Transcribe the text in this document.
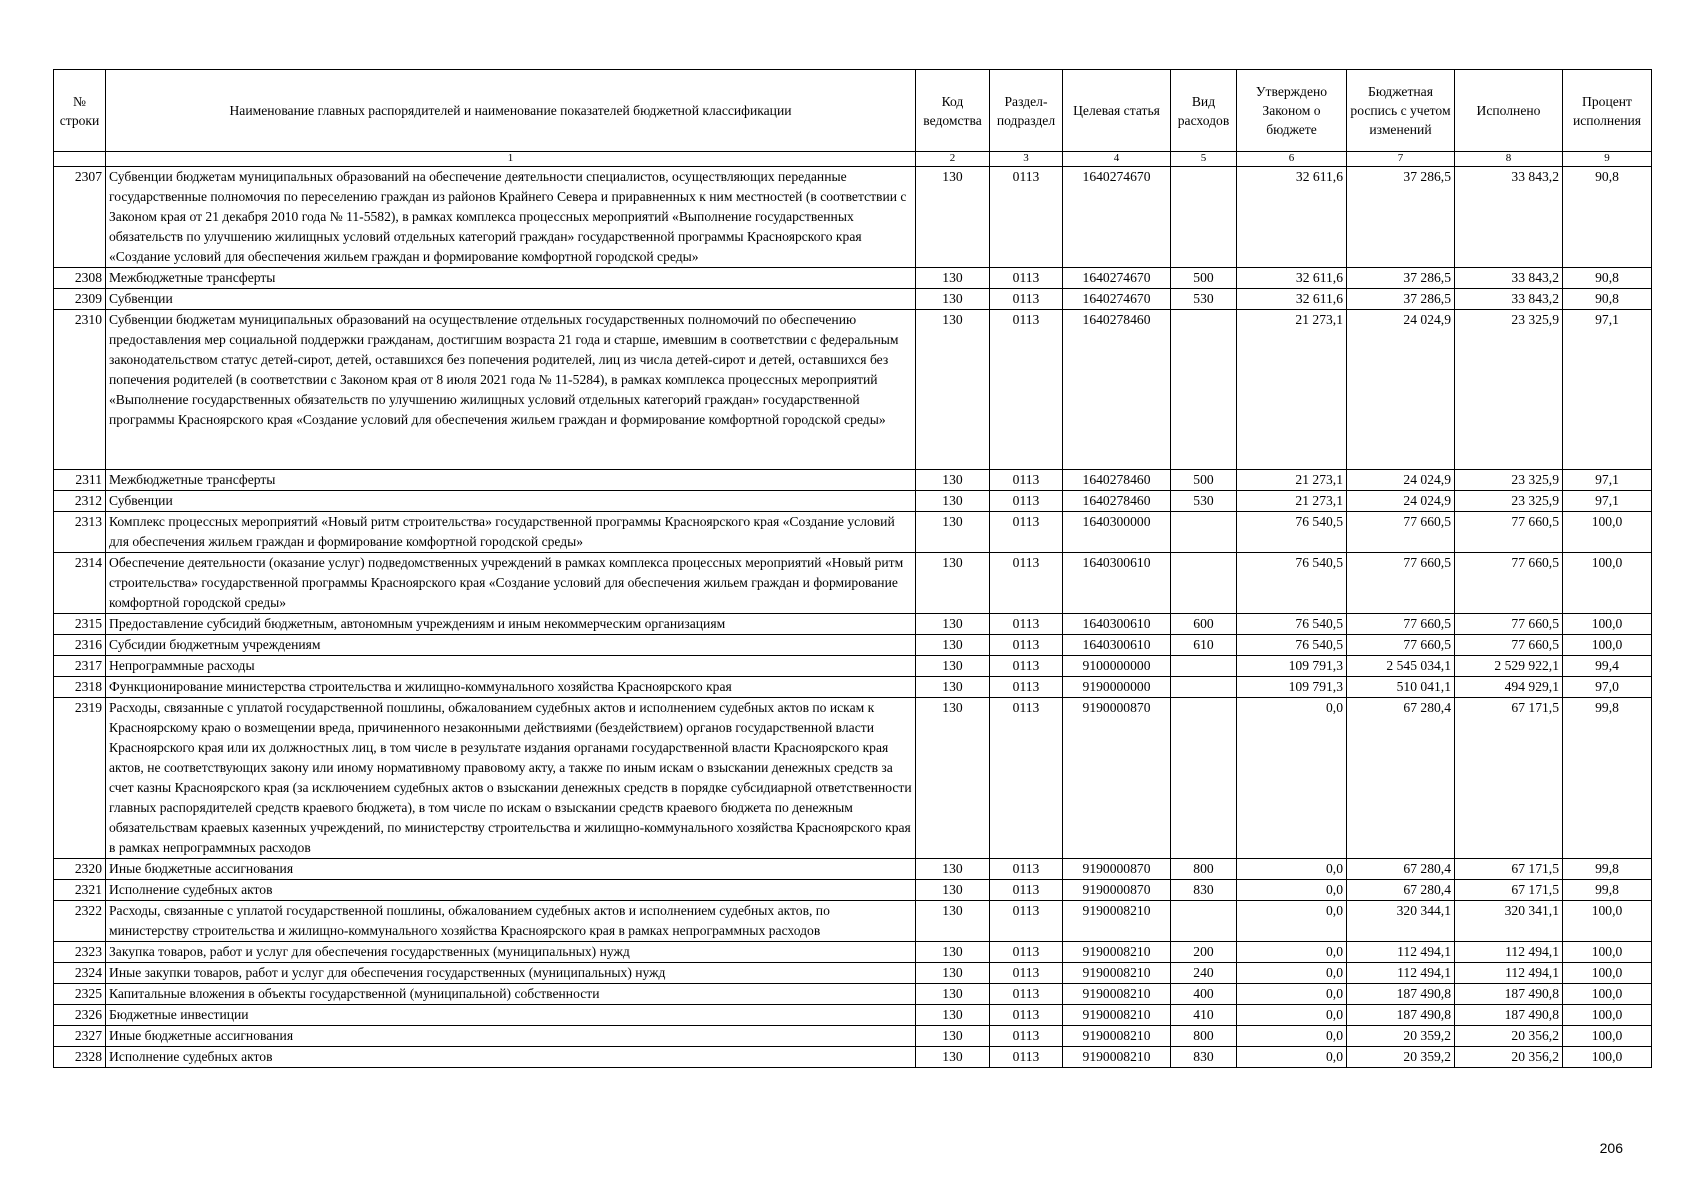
№ строки	Наименование главных распорядителей и наименование показателей бюджетной классификации	Код ведомства	Раздел-подраздел	Целевая статья	Вид расходов	Утверждено Законом о бюджете	Бюджетная роспись с учетом изменений	Исполнено	Процент исполнения
	1	2	3	4	5	6	7	8	9
2307	Субвенции бюджетам муниципальных образований на обеспечение деятельности специалистов, осуществляющих переданные государственные полномочия по переселению граждан из районов Крайнего Севера и приравненных к ним местностей (в соответствии с Законом края от 21 декабря 2010 года № 11-5582), в рамках комплекса процессных мероприятий «Выполнение государственных обязательств по улучшению жилищных условий отдельных категорий граждан» государственной программы Красноярского края «Создание условий для обеспечения жильем граждан и формирование комфортной городской среды»	130	0113	1640274670		32 611,6	37 286,5	33 843,2	90,8
2308	Межбюджетные трансферты	130	0113	1640274670	500	32 611,6	37 286,5	33 843,2	90,8
2309	Субвенции	130	0113	1640274670	530	32 611,6	37 286,5	33 843,2	90,8
2310	Субвенции бюджетам муниципальных образований на осуществление отдельных государственных полномочий по обеспечению предоставления мер социальной поддержки гражданам, достигшим возраста 21 года и старше, имевшим в соответствии с федеральным законодательством статус детей-сирот, детей, оставшихся без попечения родителей, лиц из числа детей-сирот и детей, оставшихся без попечения родителей (в соответствии с Законом края от 8 июля 2021 года № 11-5284), в рамках комплекса процессных мероприятий «Выполнение государственных обязательств по улучшению жилищных условий отдельных категорий граждан» государственной программы Красноярского края «Создание условий для обеспечения жильем граждан и формирование комфортной городской среды»	130	0113	1640278460		21 273,1	24 024,9	23 325,9	97,1
2311	Межбюджетные трансферты	130	0113	1640278460	500	21 273,1	24 024,9	23 325,9	97,1
2312	Субвенции	130	0113	1640278460	530	21 273,1	24 024,9	23 325,9	97,1
2313	Комплекс процессных мероприятий «Новый ритм строительства» государственной программы Красноярского края «Создание условий для обеспечения жильем граждан и формирование комфортной городской среды»	130	0113	1640300000		76 540,5	77 660,5	77 660,5	100,0
2314	Обеспечение деятельности (оказание услуг) подведомственных учреждений в рамках комплекса процессных мероприятий «Новый ритм строительства» государственной программы Красноярского края «Создание условий для обеспечения жильем граждан и формирование комфортной городской среды»	130	0113	1640300610		76 540,5	77 660,5	77 660,5	100,0
2315	Предоставление субсидий бюджетным, автономным учреждениям и иным некоммерческим организациям	130	0113	1640300610	600	76 540,5	77 660,5	77 660,5	100,0
2316	Субсидии бюджетным учреждениям	130	0113	1640300610	610	76 540,5	77 660,5	77 660,5	100,0
2317	Непрограммные расходы	130	0113	9100000000		109 791,3	2 545 034,1	2 529 922,1	99,4
2318	Функционирование министерства строительства и жилищно-коммунального хозяйства Красноярского края	130	0113	9190000000		109 791,3	510 041,1	494 929,1	97,0
2319	Расходы, связанные с уплатой государственной пошлины, обжалованием судебных актов и исполнением судебных актов по искам к Красноярскому краю о возмещении вреда, причиненного незаконными действиями (бездействием) органов государственной власти Красноярского края или их должностных лиц, в том числе в результате издания органами государственной власти Красноярского края актов, не соответствующих закону или иному нормативному правовому акту, а также по иным искам о взыскании денежных средств за счет казны Красноярского края (за исключением судебных актов о взыскании денежных средств в порядке субсидиарной ответственности главных распорядителей средств краевого бюджета), в том числе по искам о взыскании средств краевого бюджета по денежным обязательствам краевых казенных учреждений, по министерству строительства и жилищно-коммунального хозяйства Красноярского края в рамках непрограммных расходов	130	0113	9190000870		0,0	67 280,4	67 171,5	99,8
2320	Иные бюджетные ассигнования	130	0113	9190000870	800	0,0	67 280,4	67 171,5	99,8
2321	Исполнение судебных актов	130	0113	9190000870	830	0,0	67 280,4	67 171,5	99,8
2322	Расходы, связанные с уплатой государственной пошлины, обжалованием судебных актов и исполнением судебных актов, по министерству строительства и жилищно-коммунального хозяйства Красноярского края в рамках непрограммных расходов	130	0113	9190008210		0,0	320 344,1	320 341,1	100,0
2323	Закупка товаров, работ и услуг для обеспечения государственных (муниципальных) нужд	130	0113	9190008210	200	0,0	112 494,1	112 494,1	100,0
2324	Иные закупки товаров, работ и услуг для обеспечения государственных (муниципальных) нужд	130	0113	9190008210	240	0,0	112 494,1	112 494,1	100,0
2325	Капитальные вложения в объекты государственной (муниципальной) собственности	130	0113	9190008210	400	0,0	187 490,8	187 490,8	100,0
2326	Бюджетные инвестиции	130	0113	9190008210	410	0,0	187 490,8	187 490,8	100,0
2327	Иные бюджетные ассигнования	130	0113	9190008210	800	0,0	20 359,2	20 356,2	100,0
2328	Исполнение судебных актов	130	0113	9190008210	830	0,0	20 359,2	20 356,2	100,0
206
